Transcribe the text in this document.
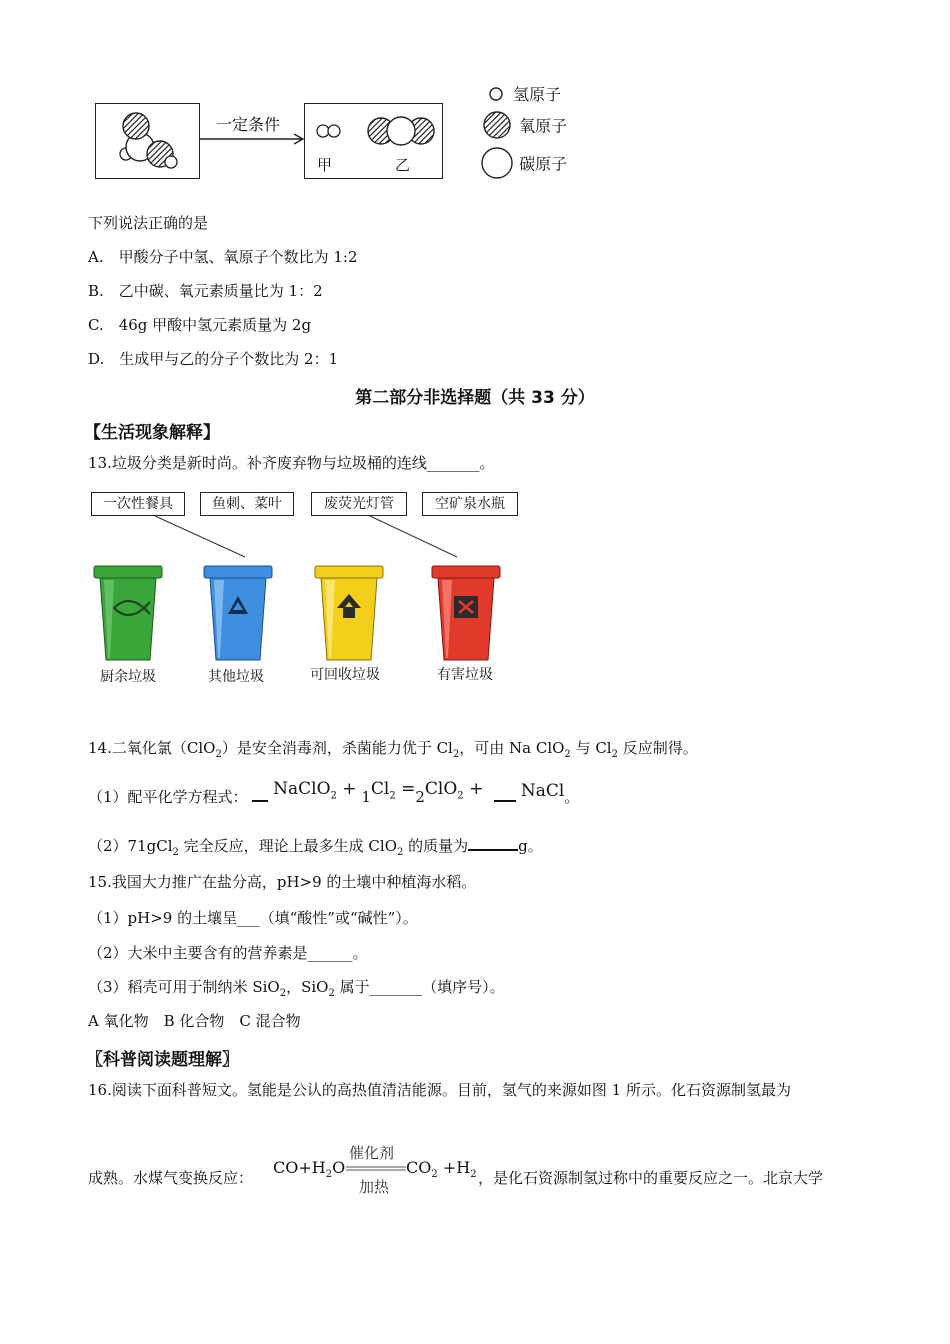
一定条件
甲	乙
氢原子
氧原子
碳原子
下列说法正确的是
A.　甲酸分子中氢、氧原子个数比为 1:2
B.　乙中碳、氧元素质量比为 1：2
C.　46g 甲酸中氢元素质量为 2g
D.　生成甲与乙的分子个数比为 2：1
第二部分非选择题（共 33 分）
【生活现象解释】
13.垃圾分类是新时尚。补齐废弃物与垃圾桶的连线_______。
一次性餐具	鱼刺、菜叶	废荧光灯管	空矿泉水瓶
厨余垃圾	其他垃圾	可回收垃圾	有害垃圾
14.二氧化氯（ClO$_2$）是安全消毒剂，杀菌能力优于 $Cl_2$，可由 Na ClO$_2$ 与 $Cl_2$ 反应制得。
（1）配平化学方程式： NaClO$_2$ + $1Cl_2 =2ClO_2$ + NaCl。
（2）71gCl$_2$ 完全反应，理论上最多生成 ClO$_2$ 的质量为	g。
15.我国大力推广在盐分高，pH>9 的土壤中种植海水稻。
（1）pH>9 的土壤呈___（填“酸性”或“碱性”）。
（2）大米中主要含有的营养素是______。
（3）稻壳可用于制纳米 SiO$_2$，SiO$_2$ 属于_______（填序号）。
A 氧化物　B 化合物　C 混合物
〖科普阅读题理解〗
16.阅读下面科普短文。氢能是公认的高热值清洁能源。目前，氢气的来源如图 1 所示。化石资源制氢最为
成熟。水煤气变换反应：
$CO+H_2O$
催化剂
加热
$CO_2 +H_2$ ，是化石资源制氢过称中的重要反应之一。北京大学
